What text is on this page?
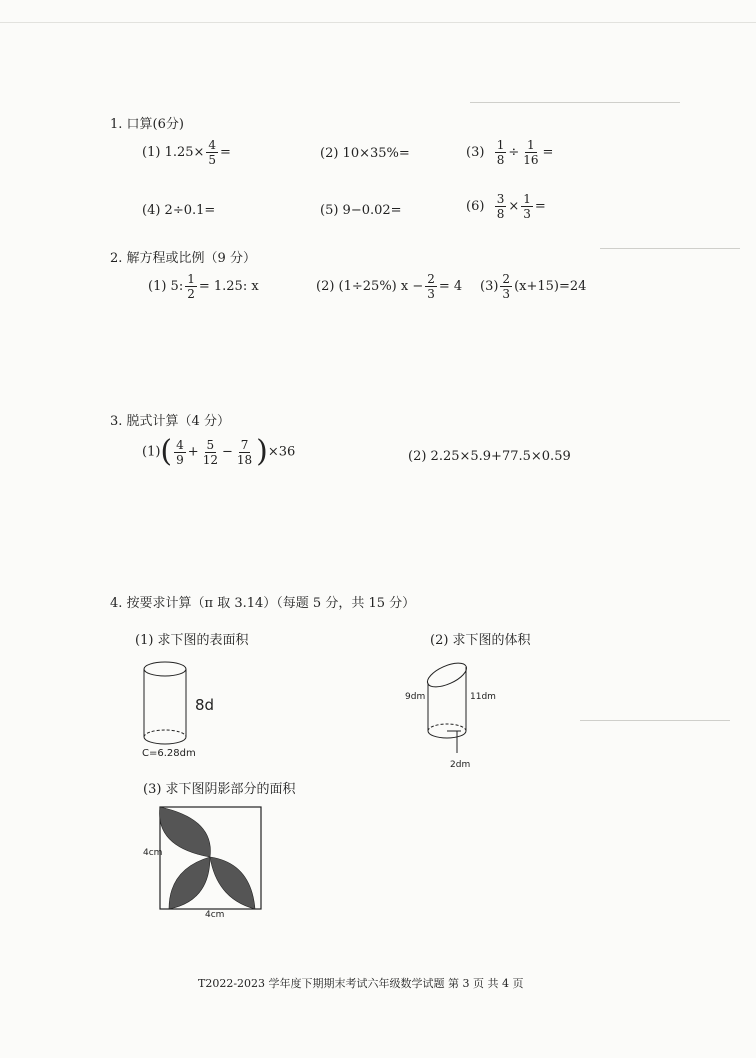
1. 口算(6分)
(1) $1.25\times \frac{4}{5}$ =	(2) 10×35%=	$(3) \frac{1}{8} \div \frac{1}{16}$ =
(4) 2÷0.1=	(5) 9−0.02=	$(6) \frac{3}{8} \times \frac{1}{3}$ =
2. 解方程或比例（9 分）
(1) 5: $\frac{1}{2} = 1.25$: x	(2) (1÷25%) $x - \frac{2}{3} = 4$ $(3) \frac{2}{3} (x+15)=24$
3. 脱式计算（4 分）
$(1)( \frac{4}{9} + \frac{5}{12} - \frac{7}{18} )\times 36$	(2) 2.25×5.9+77.5×0.59
4. 按要求计算（π 取 3.14）（每题 5 分，共 15 分）
(1) 求下图的表面积	(2) 求下图的体积
8d
C=6.28dm
9dm	11dm
2dm
(3) 求下图阴影部分的面积
4cm
4cm
T2022-2023 学年度下期期末考试六年级数学试题 第 3 页 共 4 页
